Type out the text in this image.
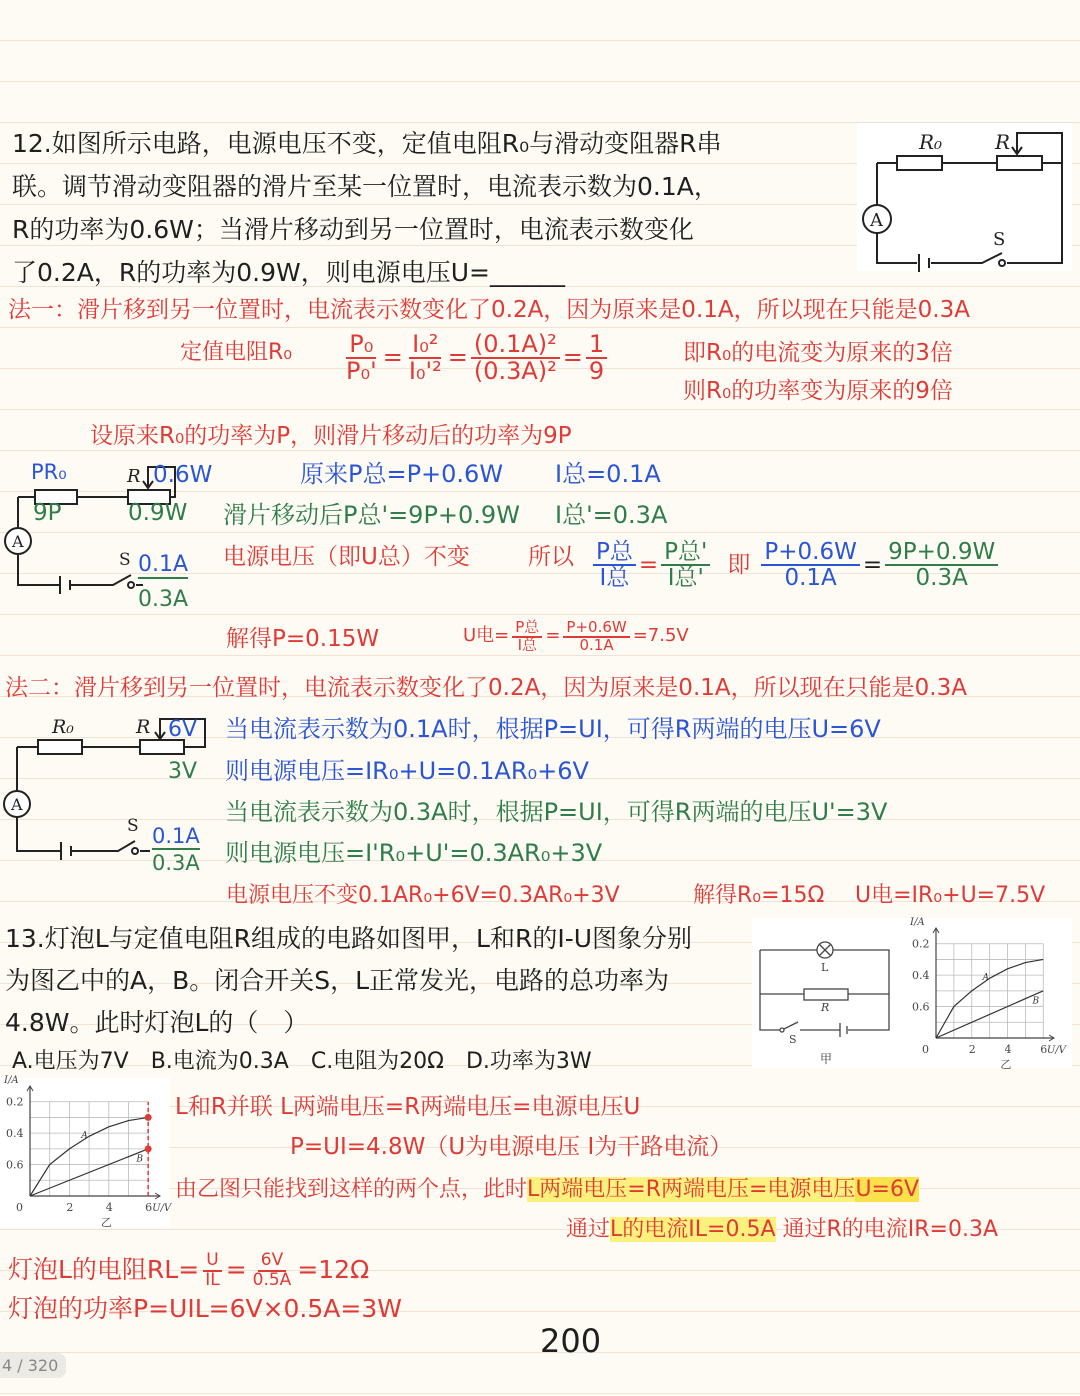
12.如图所示电路，电源电压不变，定值电阻R₀与滑动变阻器R串
联。调节滑动变阻器的滑片至某一位置时，电流表示数为0.1A，
R的功率为0.6W；当滑片移动到另一位置时，电流表示数变化
了0.2A，R的功率为0.9W，则电源电压U=______
R₀	R
A
S
法一：滑片移到另一位置时，电流表示数变化了0.2A，因为原来是0.1A，所以现在只能是0.3A
定值电阻$R_0 \frac{\text{P₀}}{\text{P₀'}} = \frac{\text{I₀²}}{\text{I₀'²}} = \frac{\text{(0.1A)²}}{\text{(0.3A)²}} = \frac{1}{9}$	即R₀的电流变为原来的3倍
则R₀的功率变为原来的9倍
设原来R₀的功率为P，则滑片移动后的功率为9P
A
S
R
PR₀	0.6W
9P	0.9W
0.1A
0.3A
原来P总=P+0.6W I总=0.1A
滑片移动后P总'=9P+0.9W I总'=0.3A
电源电压（即U总）不变	所以 $\frac{\text{P总}}{\text{I总}} = \frac{\text{P总'}}{\text{I总'}}$ 即 $\frac{P+0.6W}{0.1A} = \frac{9P+0.9W}{0.3A}$
解得P=0.15W	U电= $\frac{\text{P总}}{\text{I总}} = \frac{P+0.6W}{0.1A} =7.5V$
法二：滑片移到另一位置时，电流表示数变化了0.2A，因为原来是0.1A，所以现在只能是0.3A
R₀	R
A
S
6V
3V
0.1A
0.3A
当电流表示数为0.1A时，根据P=UI，可得R两端的电压U=6V
则电源电压=IR₀+U=0.1AR₀+6V
当电流表示数为0.3A时，根据P=UI，可得R两端的电压U'=3V
则电源电压=I'R₀+U'=0.3AR₀+3V
电源电压不变0.1AR₀+6V=0.3AR₀+3V	解得R₀=15Ω U电=IR₀+U=7.5V
13.灯泡L与定值电阻R组成的电路如图甲，L和R的I-U图象分别
为图乙中的A，B。闭合开关S，L正常发光，电路的总功率为
4.8W。此时灯泡L的（　）
A.电压为7V　B.电流为0.3A　C.电阻为20Ω　D.功率为3W
L
R
S
甲
0.6
0.4
0.2
0	2	4	6
I/A
U/V
A
B
乙
0.6
0.4
0.2
0	2	4	6
I/A
U/V
A
B
乙
L和R并联 L两端电压=R两端电压=电源电压U
P=UI=4.8W（U为电源电压 I为干路电流）
由乙图只能找到这样的两个点，此时L两端电压=R两端电压=电源电压U=6V
通过L的电流IL=0.5A 通过R的电流IR=0.3A
灯泡L的电阻$RL= \frac{U}{IL} = \frac{6V}{0.5A} =12\Omega$
灯泡的功率P=UIL=6V×0.5A=3W
200
4 / 320
